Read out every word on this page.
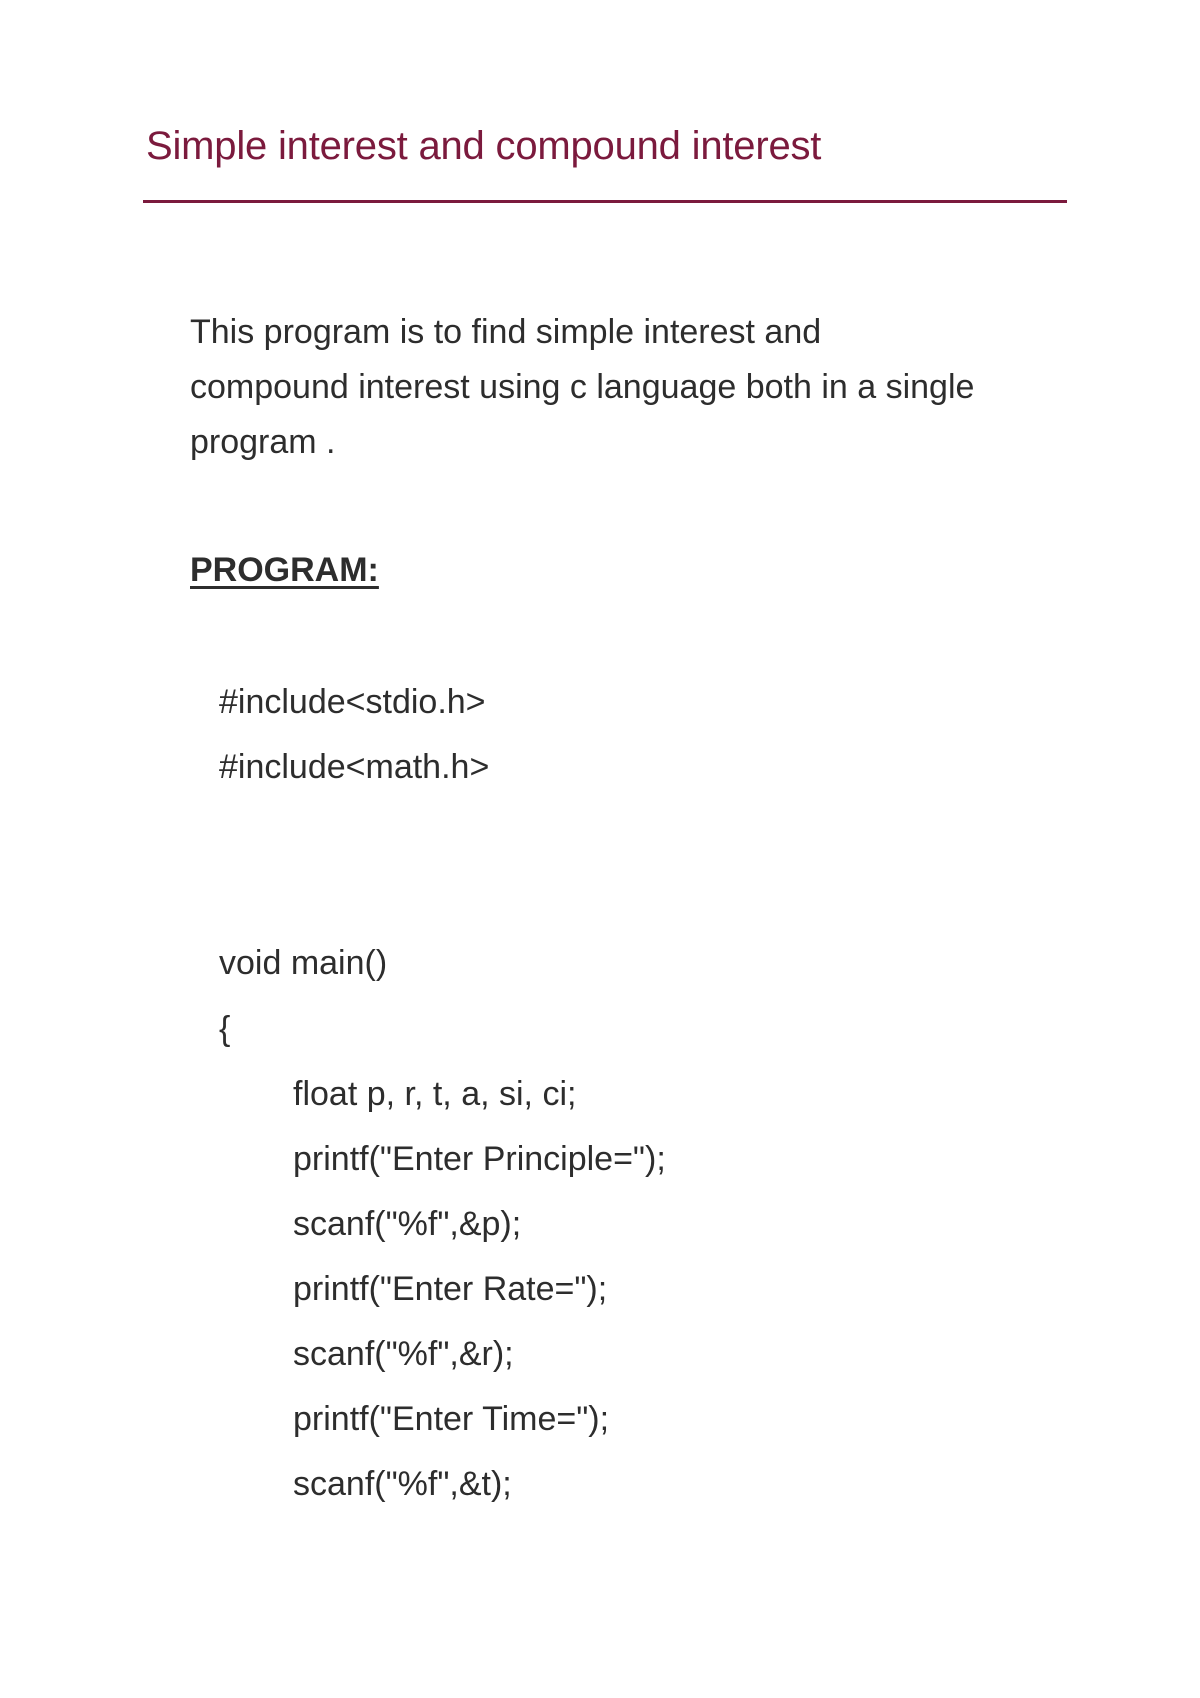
Simple interest and compound interest
This program is to find simple interest and
compound interest using c language both in a single
program .
PROGRAM:
#include<stdio.h>
#include<math.h>
void main()
{
float p, r, t, a, si, ci;
printf("Enter Principle=");
scanf("%f",&p);
printf("Enter Rate=");
scanf("%f",&r);
printf("Enter Time=");
scanf("%f",&t);
